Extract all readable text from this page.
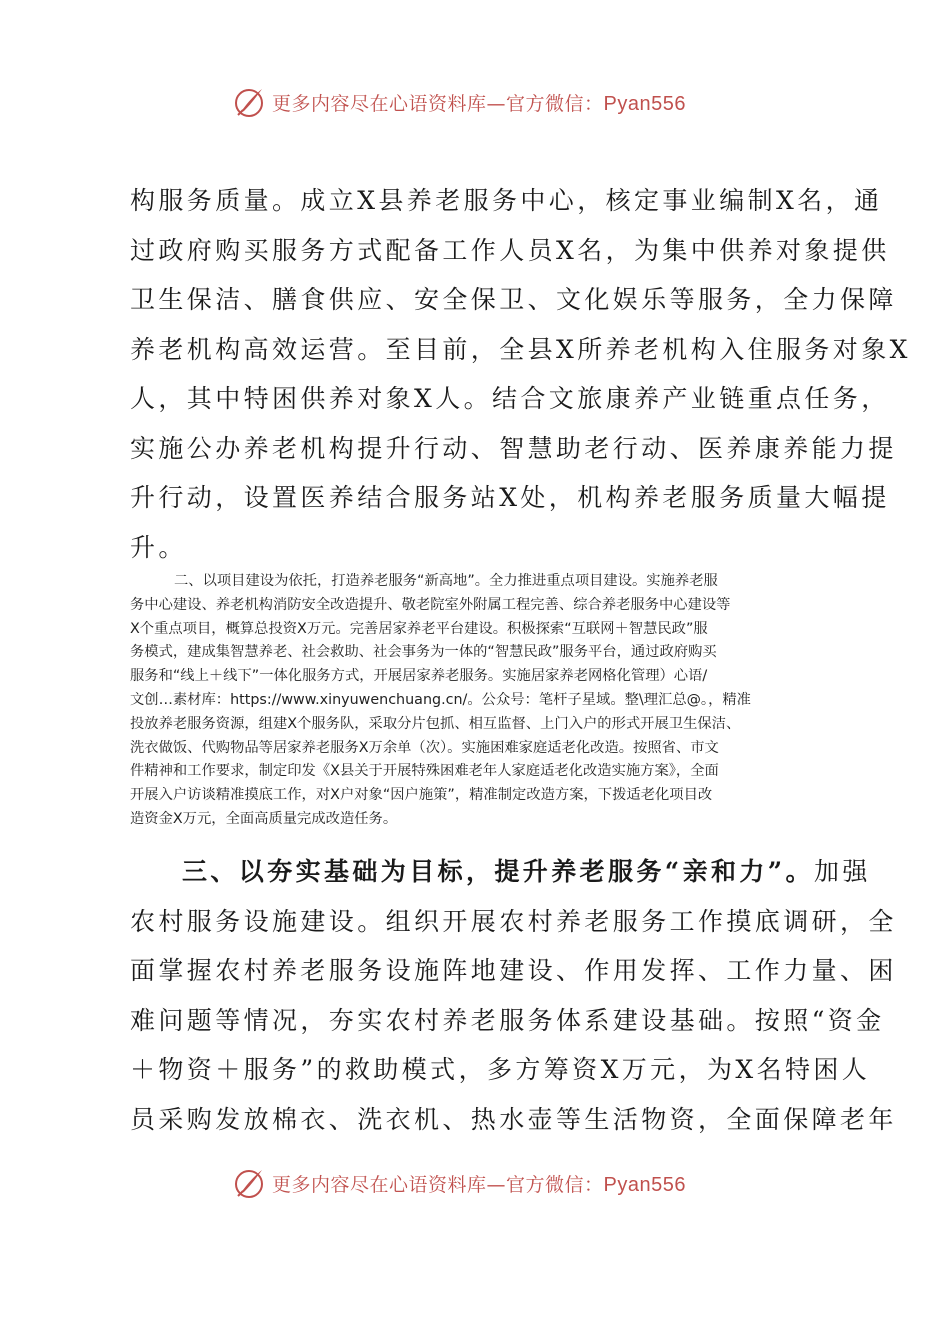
更多内容尽在心语资料库—官方微信：Pyan556
构服务质量。成立X县养老服务中心，核定事业编制X名，通
过政府购买服务方式配备工作人员X名，为集中供养对象提供
卫生保洁、膳食供应、安全保卫、文化娱乐等服务，全力保障
养老机构高效运营。至目前，全县X所养老机构入住服务对象X
人，其中特困供养对象X人。结合文旅康养产业链重点任务，
实施公办养老机构提升行动、智慧助老行动、医养康养能力提
升行动，设置医养结合服务站X处，机构养老服务质量大幅提
升。
二、以项目建设为依托，打造养老服务“新高地”。全力推进重点项目建设。实施养老服
务中心建设、养老机构消防安全改造提升、敬老院室外附属工程完善、综合养老服务中心建设等
X个重点项目，概算总投资X万元。完善居家养老平台建设。积极探索“互联网＋智慧民政”服
务模式，建成集智慧养老、社会救助、社会事务为一体的“智慧民政”服务平台，通过政府购买
服务和“线上＋线下”一体化服务方式，开展居家养老服务。实施居家养老网格化管理）心语/
文创…素材库：https://www.xinyuwenchuang.cn/。公众号：笔杆子星域。整\理汇总@。，精准
投放养老服务资源，组建X个服务队，采取分片包抓、相互监督、上门入户的形式开展卫生保洁、
洗衣做饭、代购物品等居家养老服务X万余单（次）。实施困难家庭适老化改造。按照省、市文
件精神和工作要求，制定印发《X县关于开展特殊困难老年人家庭适老化改造实施方案》，全面
开展入户访谈精准摸底工作，对X户对象“因户施策”，精准制定改造方案，下拨适老化项目改
造资金X万元，全面高质量完成改造任务。
三、以夯实基础为目标，提升养老服务“亲和力”。加强
农村服务设施建设。组织开展农村养老服务工作摸底调研，全
面掌握农村养老服务设施阵地建设、作用发挥、工作力量、困
难问题等情况，夯实农村养老服务体系建设基础。按照“资金
＋物资＋服务”的救助模式，多方筹资X万元，为X名特困人
员采购发放棉衣、洗衣机、热水壶等生活物资，全面保障老年
更多内容尽在心语资料库—官方微信：Pyan556
